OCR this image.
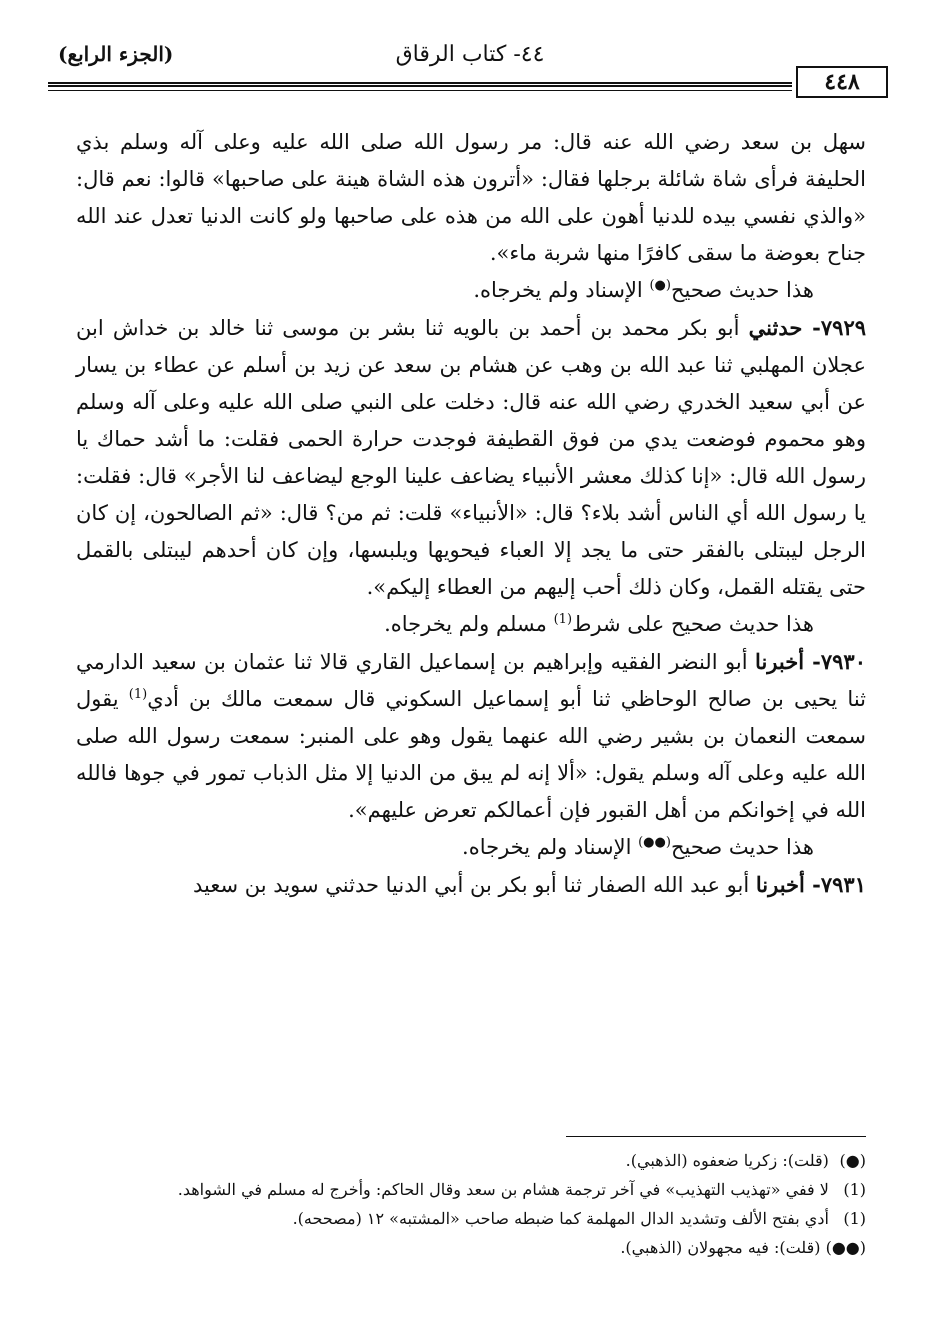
٤٤- كتاب الرقاق
(الجزء الرابع)
٤٤٨

سهل بن سعد رضي الله عنه قال: مر رسول الله صلى الله عليه وعلى آله وسلم بذي الحليفة فرأى شاة شائلة برجلها فقال: «أترون هذه الشاة هينة على صاحبها» قالوا: نعم قال: «والذي نفسي بيده للدنيا أهون على الله من هذه على صاحبها ولو كانت الدنيا تعدل عند الله جناح بعوضة ما سقى كافرًا منها شربة ماء».

هذا حديث صحيح(●) الإسناد ولم يخرجاه.

٧٩٢٩- حدثني أبو بكر محمد بن أحمد بن بالويه ثنا بشر بن موسى ثنا خالد بن خداش ابن عجلان المهلبي ثنا عبد الله بن وهب عن هشام بن سعد عن زيد بن أسلم عن عطاء بن يسار عن أبي سعيد الخدري رضي الله عنه قال: دخلت على النبي صلى الله عليه وعلى آله وسلم وهو محموم فوضعت يدي من فوق القطيفة فوجدت حرارة الحمى فقلت: ما أشد حماك يا رسول الله قال: «إنا كذلك معشر الأنبياء يضاعف علينا الوجع ليضاعف لنا الأجر» قال: فقلت: يا رسول الله أي الناس أشد بلاء؟ قال: «الأنبياء» قلت: ثم من؟ قال: «ثم الصالحون، إن كان الرجل ليبتلى بالفقر حتى ما يجد إلا العباء فيحويها ويلبسها، وإن كان أحدهم ليبتلى بالقمل حتى يقتله القمل، وكان ذلك أحب إليهم من العطاء إليكم».

هذا حديث صحيح على شرط$^{(1)}$ مسلم ولم يخرجاه.

٧٩٣٠- أخبرنا أبو النضر الفقيه وإبراهيم بن إسماعيل القاري قالا ثنا عثمان بن سعيد الدارمي ثنا يحيى بن صالح الوحاظي ثنا أبو إسماعيل السكوني قال سمعت مالك بن أدي$^{(1)}$ يقول سمعت النعمان بن بشير رضي الله عنهما يقول وهو على المنبر: سمعت رسول الله صلى الله عليه وعلى آله وسلم يقول: «ألا إنه لم يبق من الدنيا إلا مثل الذباب تمور في جوها فالله الله في إخوانكم من أهل القبور فإن أعمالكم تعرض عليهم».

هذا حديث صحيح(●●) الإسناد ولم يخرجاه.

٧٩٣١- أخبرنا أبو عبد الله الصفار ثنا أبو بكر بن أبي الدنيا حدثني سويد بن سعيد

(●) (قلت): زكريا ضعفوه (الذهبي).

(1) لا ففي «تهذيب التهذيب» في آخر ترجمة هشام بن سعد وقال الحاكم: وأخرج له مسلم في الشواهد.

(1) أدي بفتح الألف وتشديد الدال المهلمة كما ضبطه صاحب «المشتبه» ١٢ (مصححه).

(●●) (قلت): فيه مجهولان (الذهبي).
